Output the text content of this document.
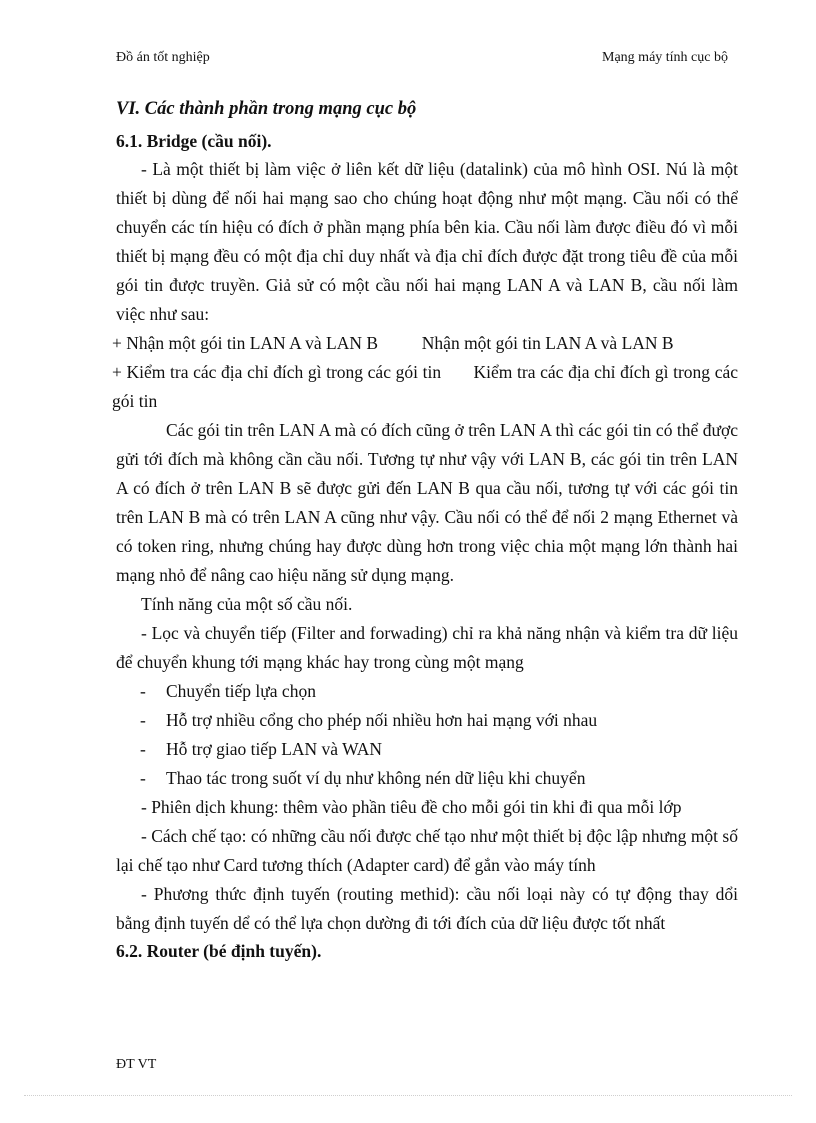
Đồ án tốt nghiệp	Mạng máy tính cục bộ
VI. Các thành phần trong mạng cục bộ
6.1. Bridge (cầu nối).

- Là một thiết bị làm việc ở liên kết dữ liệu (datalink) của mô hình OSI. Nú là một thiết bị dùng để nối hai mạng sao cho chúng hoạt động như một mạng. Cầu nối có thể chuyển các tín hiệu có đích ở phần mạng phía bên kia. Cầu nối làm được điều đó vì mỗi thiết bị mạng đều có một địa chỉ duy nhất và địa chỉ đích được đặt trong tiêu đề của mỗi gói tin được truyền. Giả sử có một cầu nối hai mạng LAN A và LAN B, cầu nối làm việc như sau:

+ Nhận một gói tin LAN A và LAN B          Nhận một gói tin LAN A và LAN B

+ Kiểm tra các địa chỉ đích gì trong các gói tin       Kiểm tra các địa chỉ đích gì trong các gói tin

Các gói tin trên LAN A mà có đích cũng ở trên LAN A thì các gói tin có thể được gửi tới đích mà không cần cầu nối. Tương tự như vậy với LAN B, các gói tin trên LAN A có đích ở trên LAN B sẽ được gửi đến LAN B qua cầu nối, tương tự với các gói tin trên LAN B mà có trên LAN A cũng như vậy. Cầu nối có thể để nối 2 mạng Ethernet và có token ring, nhưng chúng hay được dùng hơn trong việc chia một mạng lớn thành hai mạng nhỏ để nâng cao hiệu năng sử dụng mạng.

Tính năng của một số cầu nối.

- Lọc và chuyển tiếp (Filter and forwading) chỉ ra khả năng nhận và kiểm tra dữ liệu để chuyển khung tới mạng khác hay trong cùng một mạng

-	Chuyển tiếp lựa chọn
-	Hỗ trợ nhiều cổng cho phép nối nhiều hơn hai mạng với nhau
-	Hỗ trợ giao tiếp LAN và WAN
-	Thao tác trong suốt ví dụ như không nén dữ liệu khi chuyển

- Phiên dịch khung: thêm vào phần tiêu đề cho mỗi gói tin khi đi qua mỗi lớp

- Cách chế tạo: có những cầu nối được chế tạo như một thiết bị độc lập nhưng một số lại chế tạo như Card tương thích (Adapter card) để gắn vào máy tính

- Phương thức định tuyến (routing methid): cầu nối loại này có tự động thay dổi bằng định tuyến dể có thể lựa chọn dường đi tới đích của dữ liệu được tốt nhất

6.2. Router (bé định tuyến).
ĐT VT
